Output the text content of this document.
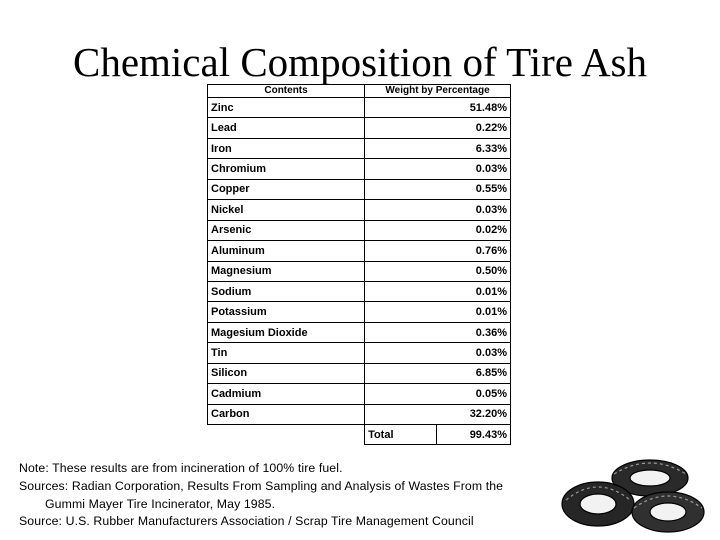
Chemical Composition of Tire Ash
Contents	Weight by Percentage	
Zinc	51.48%	
Lead	0.22%	
Iron	6.33%	
Chromium	0.03%	
Copper	0.55%	
Nickel	0.03%	
Arsenic	0.02%	
Aluminum	0.76%	
Magnesium	0.50%	
Sodium	0.01%	
Potassium	0.01%	
Magesium Dioxide	0.36%	
Tin	0.03%	
Silicon	6.85%	
Cadmium	0.05%	
Carbon	32.20%	
	Total	99.43%
Note: These results are from incineration of 100% tire fuel.
Sources: Radian Corporation, Results From Sampling and Analysis of Wastes From the
Gummi Mayer Tire Incinerator, May 1985.
Source: U.S. Rubber Manufacturers Association / Scrap Tire Management Council
